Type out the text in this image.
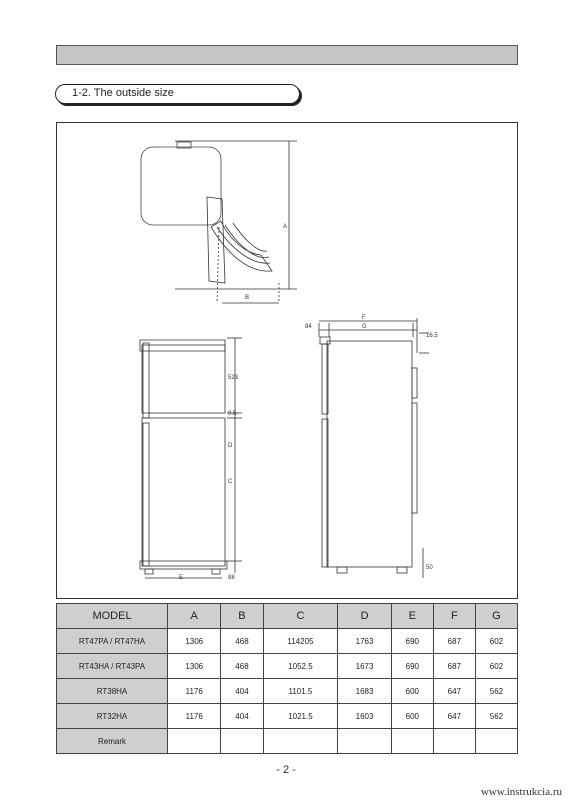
1-2. The outside size
A
B
523
9.5
D
C
88
E
84
F
G
16.5
50
MODEL	A	B	C	D	E	F	G
RT47PA / RT47HA	1306	468	114205	1763	690	687	602
RT43HA / RT43PA	1306	468	1052.5	1673	690	687	602
RT38HA	1176	404	1101.5	1683	600	647	562
RT32HA	1176	404	1021.5	1603	600	647	562
Remark							
- 2 -
www.instrukcia.ru
